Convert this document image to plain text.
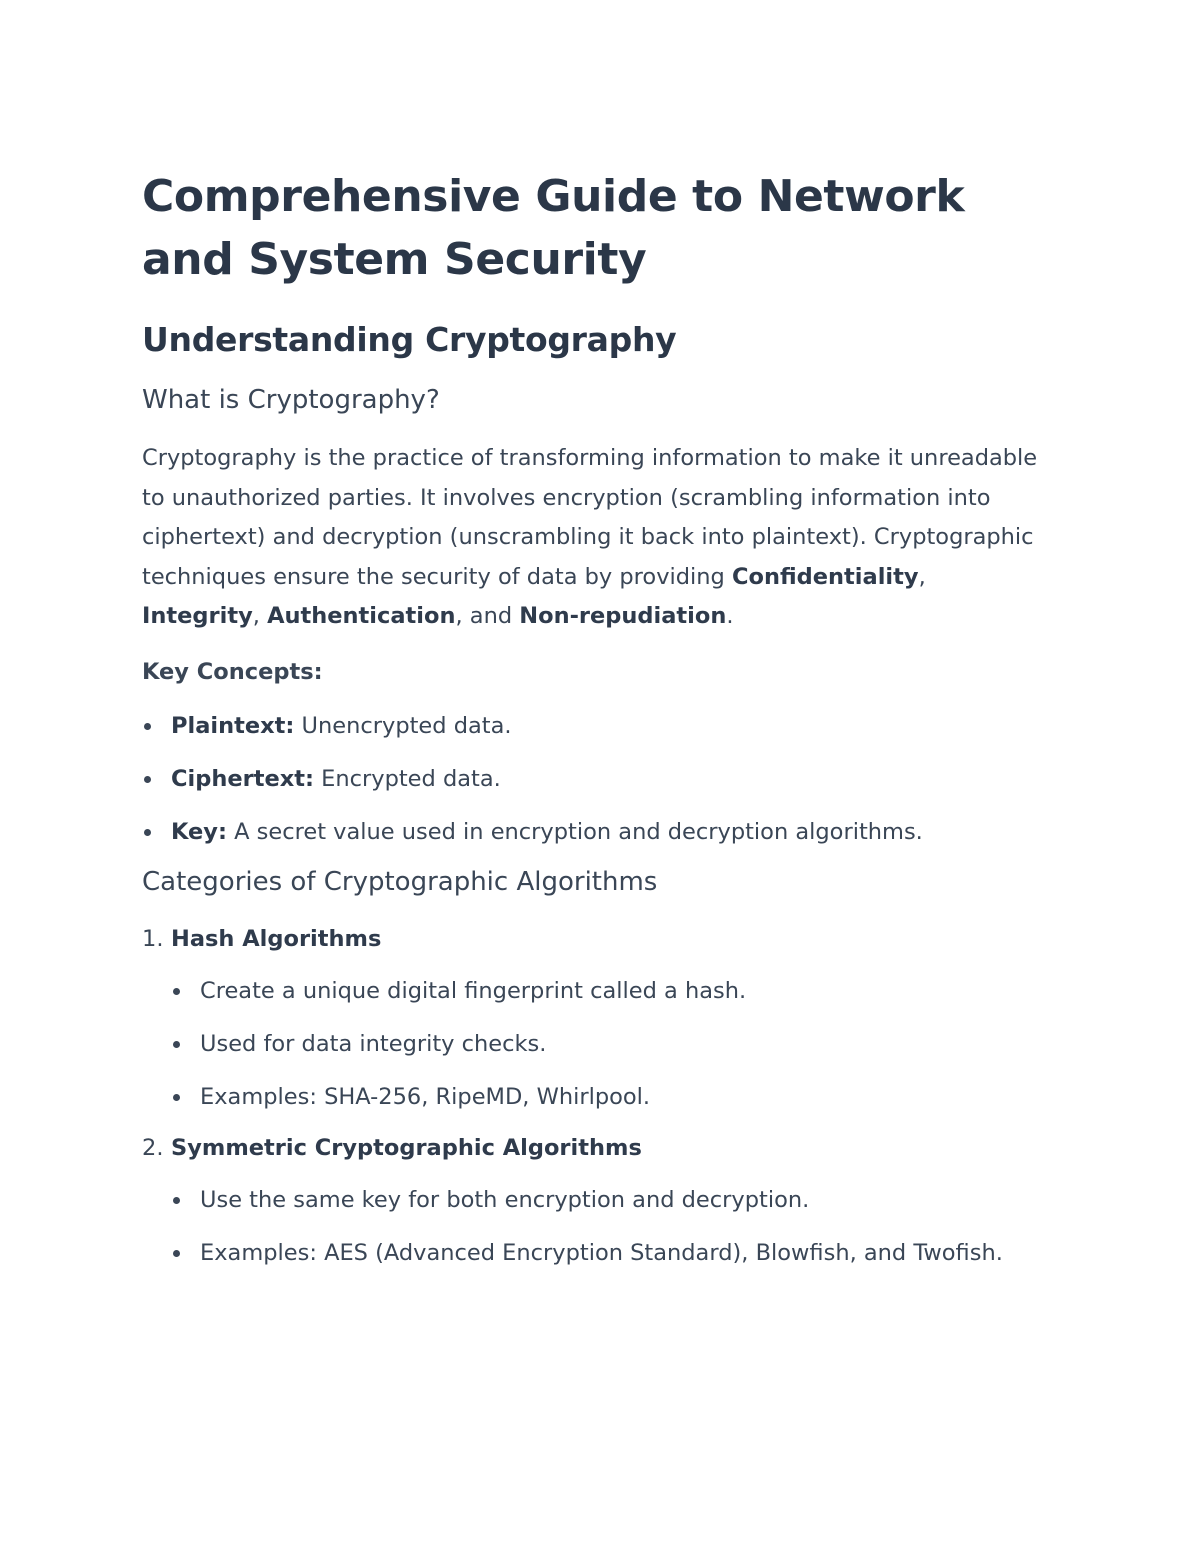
Comprehensive Guide to Network and System Security
Understanding Cryptography
What is Cryptography?

Cryptography is the practice of transforming information to make it unreadable to unauthorized parties. It involves encryption (scrambling information into ciphertext) and decryption (unscrambling it back into plaintext). Cryptographic techniques ensure the security of data by providing Confidentiality, Integrity, Authentication, and Non-repudiation.

Key Concepts:
Plaintext: Unencrypted data.
Ciphertext: Encrypted data.
Key: A secret value used in encryption and decryption algorithms.
Categories of Cryptographic Algorithms
1. Hash Algorithms
Create a unique digital fingerprint called a hash.
Used for data integrity checks.
Examples: SHA-256, RipeMD, Whirlpool.
2. Symmetric Cryptographic Algorithms
Use the same key for both encryption and decryption.
Examples: AES (Advanced Encryption Standard), Blowfish, and Twofish.
